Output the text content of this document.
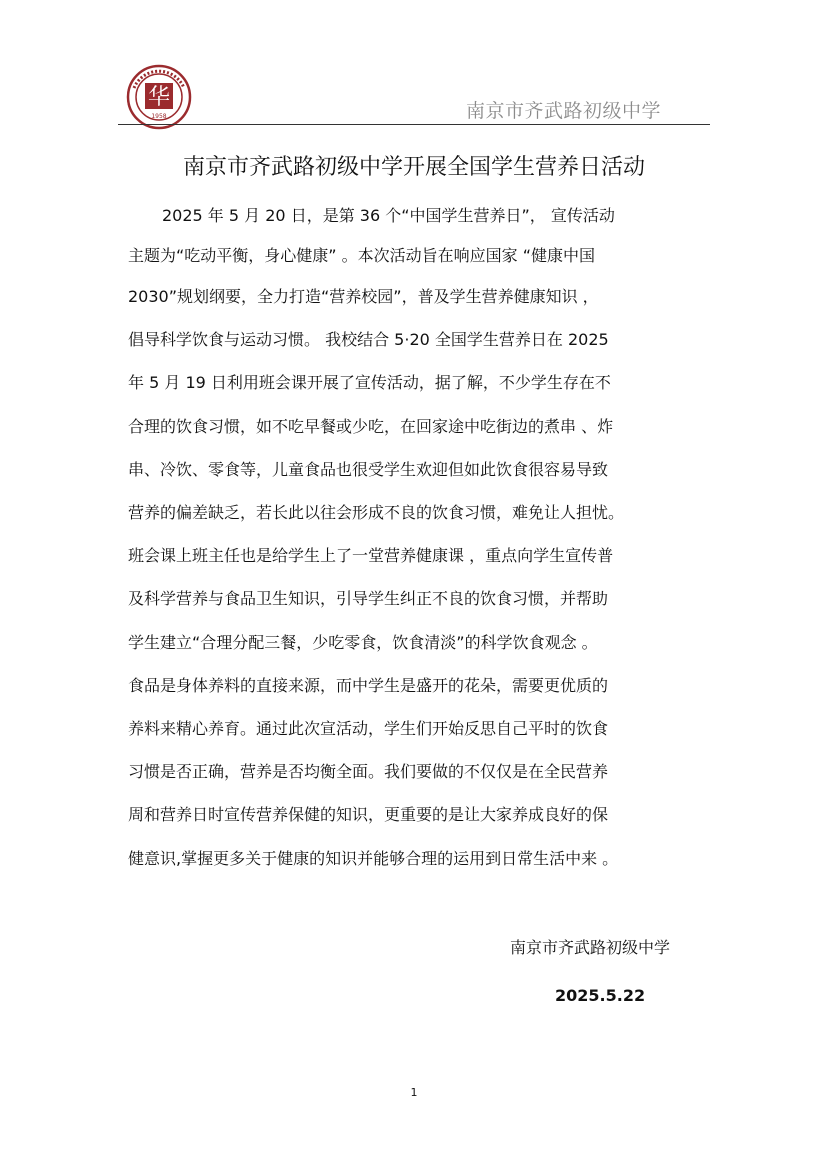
华
1958	南京市齐武路初级中学
南京市齐武路初级中学开展全国学生营养日活动
2025 年 5 月 20 日，是第 36 个“中国学生营养日”， 宣传活动
主题为“吃动平衡，身心健康” 。本次活动旨在响应国家 “健康中国
2030”规划纲要，全力打造“营养校园”，普及学生营养健康知识 ，
倡导科学饮食与运动习惯。 我校结合 5·20 全国学生营养日在 2025
年 5 月 19 日利用班会课开展了宣传活动，据了解，不少学生存在不
合理的饮食习惯，如不吃早餐或少吃，在回家途中吃街边的煮串 、炸
串、冷饮、零食等，儿童食品也很受学生欢迎但如此饮食很容易导致
营养的偏差缺乏，若长此以往会形成不良的饮食习惯，难免让人担忧。
班会课上班主任也是给学生上了一堂营养健康课 ，重点向学生宣传普
及科学营养与食品卫生知识，引导学生纠正不良的饮食习惯，并帮助
学生建立“合理分配三餐，少吃零食，饮食清淡”的科学饮食观念 。
食品是身体养料的直接来源，而中学生是盛开的花朵，需要更优质的
养料来精心养育。通过此次宣活动，学生们开始反思自己平时的饮食
习惯是否正确，营养是否均衡全面。我们要做的不仅仅是在全民营养
周和营养日时宣传营养保健的知识，更重要的是让大家养成良好的保
健意识,掌握更多关于健康的知识并能够合理的运用到日常生活中来 。
南京市齐武路初级中学
2025.5.22
1
